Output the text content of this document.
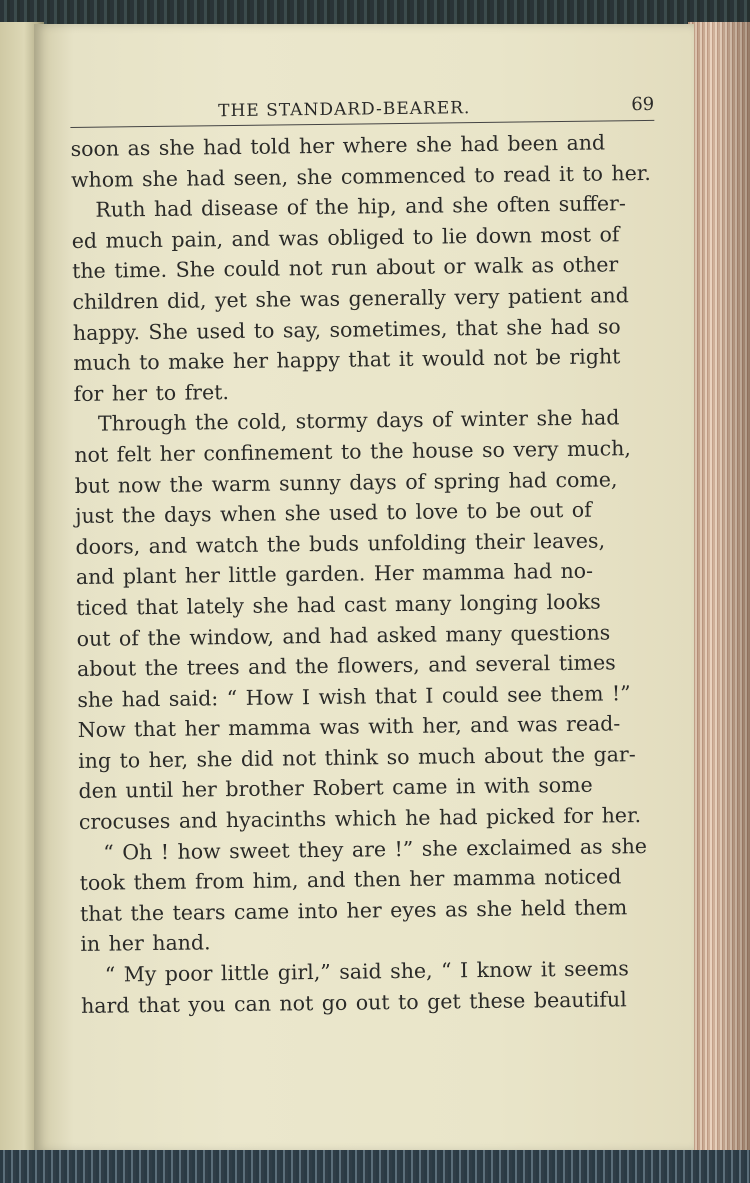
THE STANDARD-BEARER.	69
soon as she had told her where she had been and
whom she had seen, she commenced to read it to her.
Ruth had disease of the hip, and she often suffer-
ed much pain, and was obliged to lie down most of
the time. She could not run about or walk as other
children did, yet she was generally very patient and
happy. She used to say, sometimes, that she had so
much to make her happy that it would not be right
for her to fret.
Through the cold, stormy days of winter she had
not felt her confinement to the house so very much,
but now the warm sunny days of spring had come,
just the days when she used to love to be out of
doors, and watch the buds unfolding their leaves,
and plant her little garden. Her mamma had no-
ticed that lately she had cast many longing looks
out of the window, and had asked many questions
about the trees and the flowers, and several times
she had said: “ How I wish that I could see them !”
Now that her mamma was with her, and was read-
ing to her, she did not think so much about the gar-
den until her brother Robert came in with some
crocuses and hyacinths which he had picked for her.
“ Oh ! how sweet they are !” she exclaimed as she
took them from him, and then her mamma noticed
that the tears came into her eyes as she held them
in her hand.
“ My poor little girl,” said she, “ I know it seems
hard that you can not go out to get these beautiful
